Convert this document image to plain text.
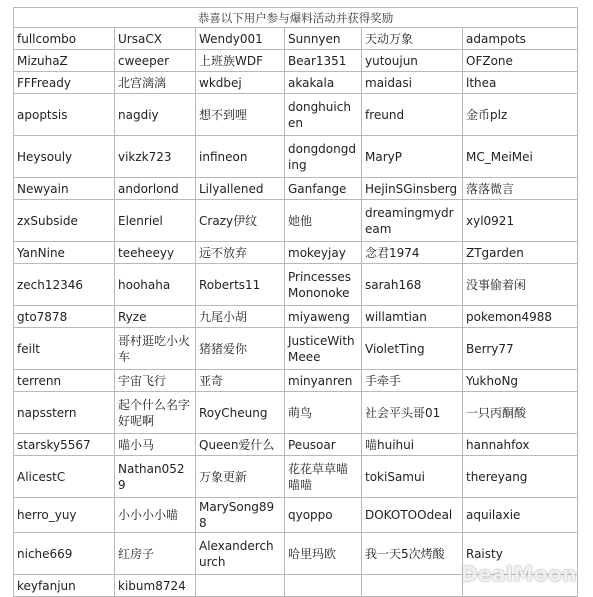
恭喜以下用户参与爆料活动并获得奖励					
fullcombo	UrsaCX	Wendy001	Sunnyen	天动万象	adampots
MizuhaZ	cweeper	上班族WDF	Bear1351	yutoujun	OFZone
FFFready	北宫漓漓	wkdbej	akakala	maidasi	lthea
apoptsis	nagdiy	想不到哩	donghuichen	freund	金币plz
Heysouly	vikzk723	infineon	dongdongding	MaryP	MC_MeiMei
Newyain	andorlond	Lilyallened	Ganfange	HejinSGinsberg	落落微言
zxSubside	Elenriel	Crazy伊纹	她他	dreamingmydream	xyl0921
YanNine	teeheeyy	远不放弃	mokeyjay	念君1974	ZTgarden
zech12346	hoohaha	Roberts11	Princesses Mononoke	sarah168	没事偷着闲
gto7878	Ryze	九尾小胡	miyaweng	willamtian	pokemon4988
feilt	哥村逛吃小火车	猪猪爱你	JusticeWith Meee	VioletTing	Berry77
terrenn	宇宙飞行	亚奇	minyanren	手牵手	YukhoNg
napsstern	起个什么名字好呢啊	RoyCheung	萌鸟	社会平头哥01	一只丙酮酸
starsky5567	喵小马	Queen爱什么	Peusoar	喵huihui	hannahfox
AlicestC	Nathan0529	万象更新	花花草草喵喵喵	tokiSamui	thereyang
herro_yuy	小小小小喵	MarySong898	qyoppo	DOKOTOOdeal	aquilaxie
niche669	红房子	Alexanderchurch	哈里玛欧	我一天5次烤酸	Raisty
keyfanjun	kibum8724					DealMoon
